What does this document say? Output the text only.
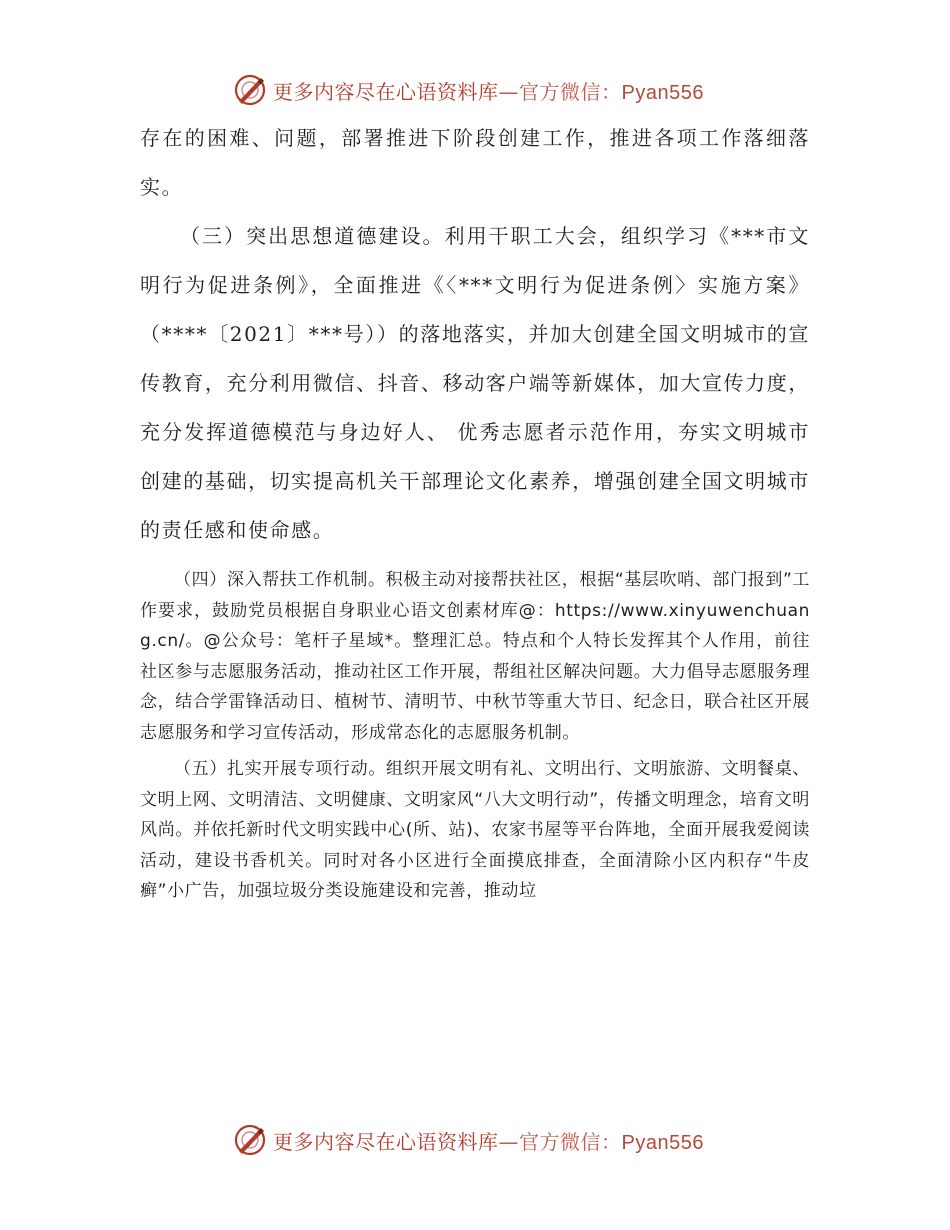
更多内容尽在心语资料库—官方微信：Pyan556

存在的困难、问题，部署推进下阶段创建工作，推进各项工作落细落实。

（三）突出思想道德建设。利用干职工大会，组织学习《***市文明行为促进条例》，全面推进《〈***文明行为促进条例〉实施方案》（****〔2021〕***号））的落地落实，并加大创建全国文明城市的宣传教育，充分利用微信、抖音、移动客户端等新媒体，加大宣传力度，充分发挥道德模范与身边好人、 优秀志愿者示范作用，夯实文明城市创建的基础，切实提高机关干部理论文化素养，增强创建全国文明城市的责任感和使命感。

（四）深入帮扶工作机制。积极主动对接帮扶社区，根据“基层吹哨、部门报到”工作要求，鼓励党员根据自身职业心语文创素材库@：https://www.xinyuwenchuang.cn/。@公众号：笔杆子星域*。整理汇总。特点和个人特长发挥其个人作用，前往社区参与志愿服务活动，推动社区工作开展，帮组社区解决问题。大力倡导志愿服务理念，结合学雷锋活动日、植树节、清明节、中秋节等重大节日、纪念日，联合社区开展志愿服务和学习宣传活动，形成常态化的志愿服务机制。

（五）扎实开展专项行动。组织开展文明有礼、文明出行、文明旅游、文明餐桌、文明上网、文明清洁、文明健康、文明家风“八大文明行动”，传播文明理念，培育文明风尚。并依托新时代文明实践中心(所、站)、农家书屋等平台阵地，全面开展我爱阅读活动，建设书香机关。同时对各小区进行全面摸底排查，全面清除小区内积存“牛皮癣”小广告，加强垃圾分类设施建设和完善，推动垃

更多内容尽在心语资料库—官方微信：Pyan556
